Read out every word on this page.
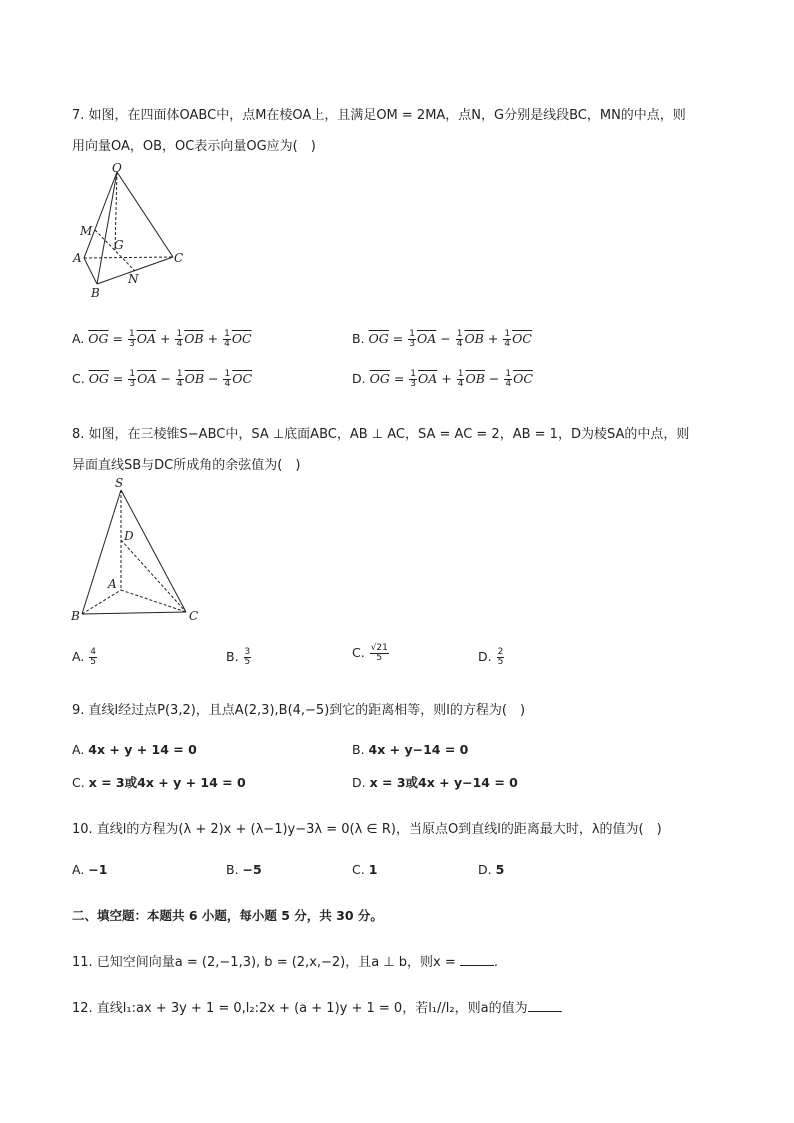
7. 如图，在四面体OABC中，点M在棱OA上，且满足OM = 2MA，点N，G分别是线段BC，MN的中点，则
用向量OA，OB，OC表示向量OG应为(　)
O
M
G
A	C
N
B
A. $\overline{OG} = \frac{1}{3} \overline{OA} + \frac{1}{4} \overline{OB} + \frac{1}{4} \overline{OC}$	B. $\overline{OG} = \frac{1}{3} \overline{OA} - \frac{1}{4} \overline{OB} + \frac{1}{4} \overline{OC}$
C. $\overline{OG} = \frac{1}{3} \overline{OA} - \frac{1}{4} \overline{OB} - \frac{1}{4} \overline{OC}$	D. $\overline{OG} = \frac{1}{3} \overline{OA} + \frac{1}{4} \overline{OB} - \frac{1}{4} \overline{OC}$
8. 如图，在三棱锥S−ABC中，SA ⊥底面ABC，AB ⊥ AC，SA = AC = 2，AB = 1，D为棱SA的中点，则
异面直线SB与DC所成角的余弦值为(　)
S
D
A
B	C
A. $\frac{4}{5}$	B. $\frac{3}{5}$	C. $\frac{√21}{5}$	D. $\frac{2}{5}$
9. 直线l经过点P(3,2)，且点A(2,3),B(4,−5)到它的距离相等，则l的方程为(　)
A. 4x + y + 14 = 0	B. 4x + y−14 = 0
C. x = 3或4x + y + 14 = 0	D. x = 3或4x + y−14 = 0
10. 直线l的方程为(λ + 2)x + (λ−1)y−3λ = 0(λ ∈ R)，当原点O到直线l的距离最大时，λ的值为(　)
A. −1	B. −5	C. 1	D. 5
二、填空题：本题共 6 小题，每小题 5 分，共 30 分。
11. 已知空间向量a = (2,−1,3), b = (2,x,−2)，且a ⊥ b，则x =	.
12. 直线l₁:ax + 3y + 1 = 0,l₂:2x + (a + 1)y + 1 = 0，若l₁//l₂，则a的值为
